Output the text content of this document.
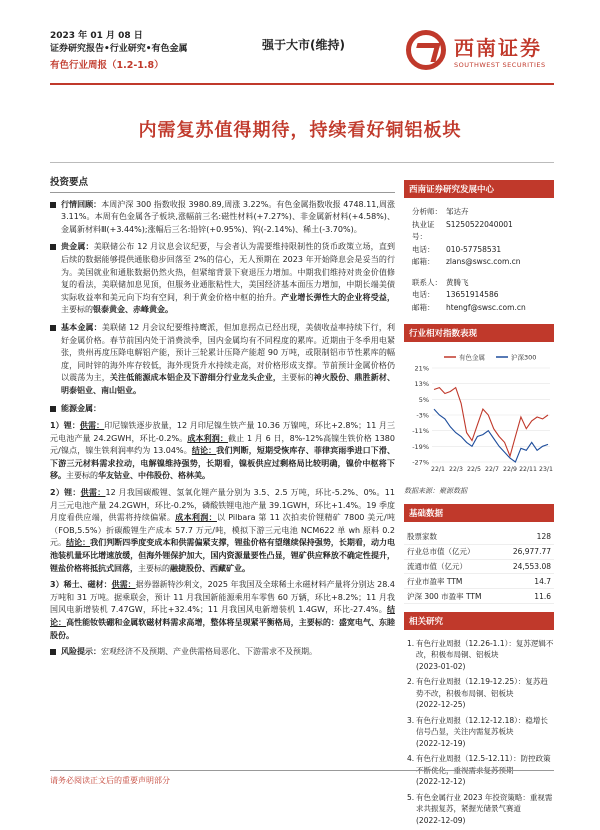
2023 年 01 月 08 日
证券研究报告•行业研究•有色金属
有色行业周报（1.2-1.8）
强于大市(维持)	西南证券
SOUTHWEST SECURITIES
内需复苏值得期待，持续看好铜铝板块
投资要点
行情回顾：本周沪深 300 指数收报 3980.89,周涨 3.22%。有色金属指数收报 4748.11,周涨 3.11%。本周有色金属各子板块,涨幅前三名:磁性材料(+7.27%)、非金属新材料(+4.58%)、金属新材料Ⅲ(+3.44%);涨幅后三名:铅锌(+0.95%)、钨(-2.14%)、稀土(-3.70%)。
贵金属：美联储公布 12 月议息会议纪要，与会者认为需要维持限制性的货币政策立场，直到后续的数据能够提供通胀稳步回落至 2%的信心，无人预期在 2023 年开始降息会是妥当的行为。美国就业和通胀数据仍然火热，但紧缩背景下衰退压力增加。中期我们维持对贵金价值修复的看法，美联储加息见顶，但服务业通胀粘性大，美国经济基本面压力增加，中期长端美债实际收益率和美元向下均有空间，利于黄金价格中枢的抬升。产业增长弹性大的企业将受益，主要标的银泰黄金、赤峰黄金。
基本金属：美联储 12 月会议纪要维持鹰派，但加息拐点已经出现，美债收益率持续下行，利好金属价格。春节前国内处于消费淡季，国内金属均有不同程度的累库。近期由于冬季用电紧张，贵州再度压降电解铝产能，预计三轮累计压降产能超 90 万吨，或限制铝市节性累库的幅度，同时锌的海外库存较低，海外现货升水持续走高，对价格形成支撑。节前预计金属价格仍以震荡为主，关注低能源成本铝企及下游细分行业龙头企业，主要标的神火股份、鼎胜新材、明泰铝业、南山铝业。
能源金属：
1）锂：供需：印尼镍铁逐步放量，12 月印尼镍生铁产量 10.36 万镍吨，环比+2.8%；11 月三元电池产量 24.2GWH，环比-0.2%。成本利润：截止 1 月 6 日，8%-12%高镍生铁价格 1380 元/镍点，镍生铁利润率约为 13.04%。结论：我们判断，短期受恢库存、菲律宾雨季进口下滑、下游三元材料需求拉动，电解镍维持强势，长期看，镍板供应过剩格局比较明确，镍价中枢将下移。主要标的华友钴业、中伟股份、格林美。
2）锂：供需：12 月我国碳酸锂、氢氧化锂产量分别为 3.5、2.5 万吨，环比-5.2%、0%。11 月三元电池产量 24.2GWH，环比-0.2%，磷酸铁锂电池产量 39.1GWH，环比+1.4%。19 季度月度看供应端，供需将持续偏紧。成本利润：以 Pilbara 第 11 次拍卖价锂精矿 7800 美元/吨（FOB,5.5%）折碳酸锂生产成本 57.7 万元/吨，模拟下游三元电池 NCM622 单 wh 原料 0.2 元。结论：我们判断四季度变成本和供需偏紧支撑，锂盐价格有望继续保持强势，长期看，动力电池装机量环比增速放缓，但海外锂保护加大，国内资源量要性凸显，锂矿供应释放不确定性提升，锂盐价格将抵抗式回落，主要标的融捷股份、西藏矿业。
3）稀土、磁材：供需：据券器新特沙利文，2025 年我国及全球稀土永磁材料产量将分别达 28.4 万吨和 31 万吨。据乘联会，预计 11 月我国新能源乘用车零售 60 万辆，环比+8.2%；11 月我国风电新增装机 7.47GW，环比+32.4%；11 月我国风电新增装机 1.4GW，环比-27.4%。结论：高性能钕铁硼和金属软磁材料需求高增，整体将呈现紧平衡格局，主要标的：盛宽电气、东睦股份。
风险提示：宏观经济不及预期、产业供需格局恶化、下游需求不及预期。
西南证券研究发展中心
分析师： 邹达卉
执业证号：
S1250522040001
电话：	010-57758531
邮箱：	zlans@swsc.com.cn
联系人： 黄腾飞
电话：	13651914586
邮箱：	htengf@swsc.com.cn
行业相对指数表现
21%
13%
5%
-3%
-11%
-19%
-27%
22/1 22/3 22/5 22/7 22/9 22/11 23/1
有色金属	沪深300
数据来源：聚源数据
基础数据
股票家数	128
行业总市值（亿元）	26,977.77
流通市值（亿元）	24,553.08
行业市盈率 TTM	14.7
沪深 300 市盈率 TTM	11.6
相关研究
1. 有色行业周报（12.26-1.1）：复苏逻辑不改，积极布局铜、铝板块
(2023-01-02)
2. 有色行业周报（12.19-12.25）：复苏趋势不改，积极布局铜、铝板块
(2022-12-25)
3. 有色行业周报（12.12-12.18）：稳增长信号凸显，关注内需复苏板块
(2022-12-19)
4. 有色行业周报（12.5-12.11）：防控政策不断优化，重视需求复苏预期
(2022-12-12)
5. 有色金属行业 2023 年投资策略：重视需求共振复苏，紧握光储景气赛道
(2022-12-09)
请务必阅读正文后的重要声明部分
